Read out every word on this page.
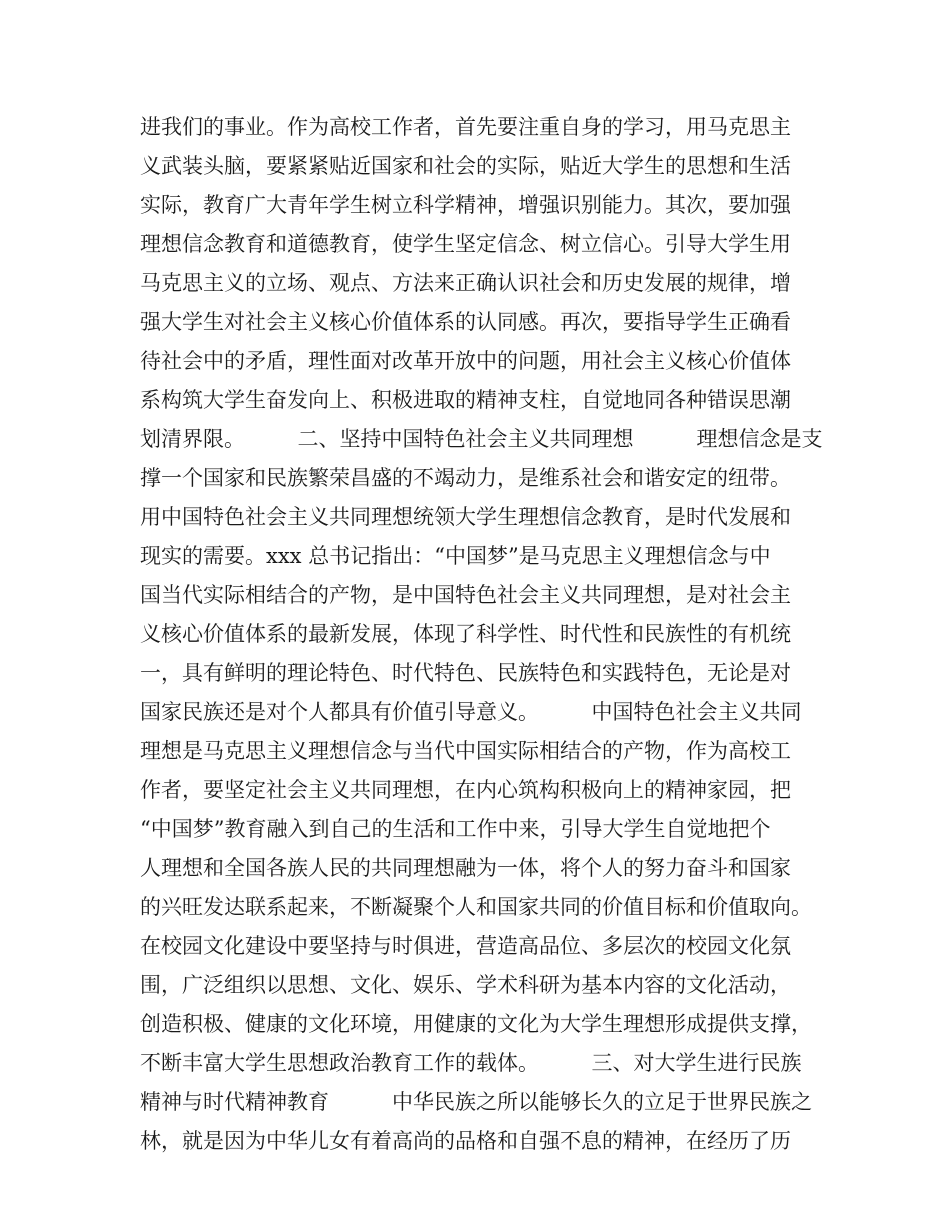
进我们的事业。作为高校工作者，首先要注重自身的学习，用马克思主
义武装头脑，要紧紧贴近国家和社会的实际，贴近大学生的思想和生活
实际，教育广大青年学生树立科学精神，增强识别能力。其次，要加强
理想信念教育和道德教育，使学生坚定信念、树立信心。引导大学生用
马克思主义的立场、观点、方法来正确认识社会和历史发展的规律，增
强大学生对社会主义核心价值体系的认同感。再次，要指导学生正确看
待社会中的矛盾，理性面对改革开放中的问题，用社会主义核心价值体
系构筑大学生奋发向上、积极进取的精神支柱，自觉地同各种错误思潮
划清界限。　　　二、坚持中国特色社会主义共同理想　　　理想信念是支
撑一个国家和民族繁荣昌盛的不竭动力，是维系社会和谐安定的纽带。
用中国特色社会主义共同理想统领大学生理想信念教育，是时代发展和
现实的需要。xxx 总书记指出：“中国梦”是马克思主义理想信念与中
国当代实际相结合的产物，是中国特色社会主义共同理想，是对社会主
义核心价值体系的最新发展，体现了科学性、时代性和民族性的有机统
一，具有鲜明的理论特色、时代特色、民族特色和实践特色，无论是对
国家民族还是对个人都具有价值引导意义。　　　中国特色社会主义共同
理想是马克思主义理想信念与当代中国实际相结合的产物，作为高校工
作者，要坚定社会主义共同理想，在内心筑构积极向上的精神家园，把
“中国梦”教育融入到自己的生活和工作中来，引导大学生自觉地把个
人理想和全国各族人民的共同理想融为一体，将个人的努力奋斗和国家
的兴旺发达联系起来，不断凝聚个人和国家共同的价值目标和价值取向。
在校园文化建设中要坚持与时俱进，营造高品位、多层次的校园文化氛
围，广泛组织以思想、文化、娱乐、学术科研为基本内容的文化活动，
创造积极、健康的文化环境，用健康的文化为大学生理想形成提供支撑，
不断丰富大学生思想政治教育工作的载体。　　　三、对大学生进行民族
精神与时代精神教育　　　中华民族之所以能够长久的立足于世界民族之
林，就是因为中华儿女有着高尚的品格和自强不息的精神，在经历了历
